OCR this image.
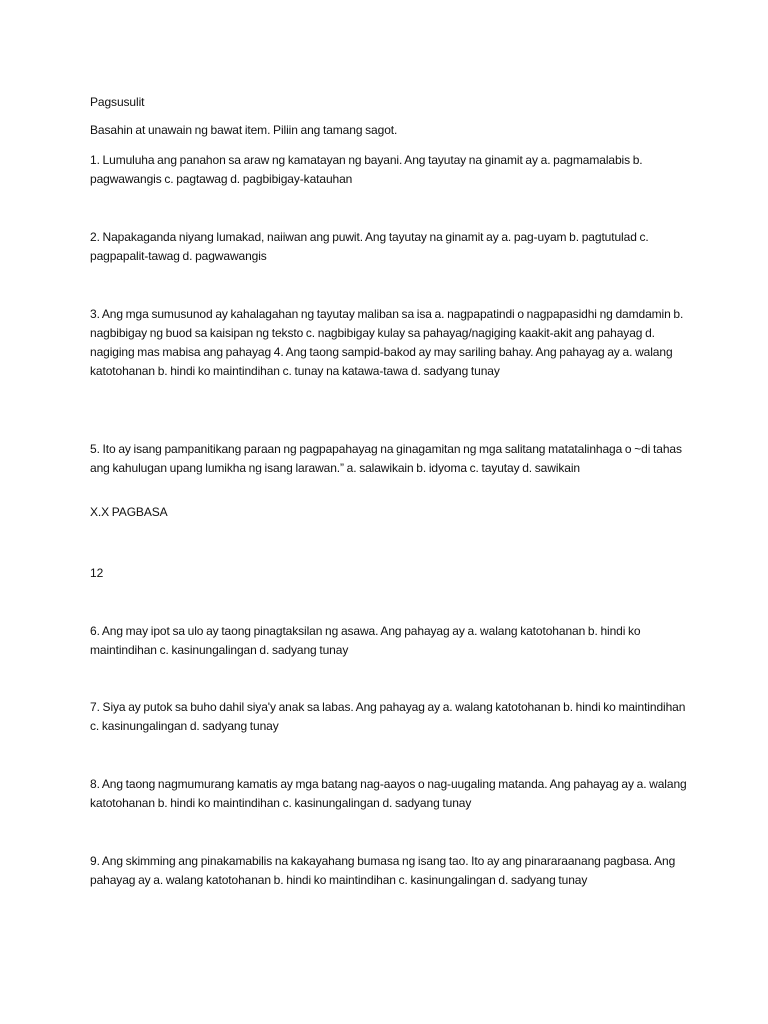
Pagsusulit

Basahin at unawain ng bawat item. Piliin ang tamang sagot.

1. Lumuluha ang panahon sa araw ng kamatayan ng bayani. Ang tayutay na ginamit ay a. pagmamalabis b. pagwawangis c. pagtawag d. pagbibigay-katauhan

2. Napakaganda niyang lumakad, naiiwan ang puwit. Ang tayutay na ginamit ay a. pag-uyam b. pagtutulad c. pagpapalit-tawag d. pagwawangis

3. Ang mga sumusunod ay kahalagahan ng tayutay maliban sa isa a. nagpapatindi o nagpapasidhi ng damdamin b. nagbibigay ng buod sa kaisipan ng teksto c. nagbibigay kulay sa pahayag/nagiging kaakit-akit ang pahayag d. nagiging mas mabisa ang pahayag 4. Ang taong sampid-bakod ay may sariling bahay. Ang pahayag ay a. walang katotohanan b. hindi ko maintindihan c. tunay na katawa-tawa d. sadyang tunay

5. Ito ay isang pampanitikang paraan ng pagpapahayag na ginagamitan ng mga salitang matatalinhaga o ~di tahas ang kahulugan upang lumikha ng isang larawan.” a. salawikain b. idyoma c. tayutay d. sawikain

X.X PAGBASA

12

6. Ang may ipot sa ulo ay taong pinagtaksilan ng asawa. Ang pahayag ay a. walang katotohanan b. hindi ko maintindihan c. kasinungalingan d. sadyang tunay

7. Siya ay putok sa buho dahil siya'y anak sa labas. Ang pahayag ay a. walang katotohanan b. hindi ko maintindihan c. kasinungalingan d. sadyang tunay

8. Ang taong nagmumurang kamatis ay mga batang nag-aayos o nag-uugaling matanda. Ang pahayag ay a. walang katotohanan b. hindi ko maintindihan c. kasinungalingan d. sadyang tunay

9. Ang skimming ang pinakamabilis na kakayahang bumasa ng isang tao. Ito ay ang pinararaanang pagbasa. Ang pahayag ay a. walang katotohanan b. hindi ko maintindihan c. kasinungalingan d. sadyang tunay
